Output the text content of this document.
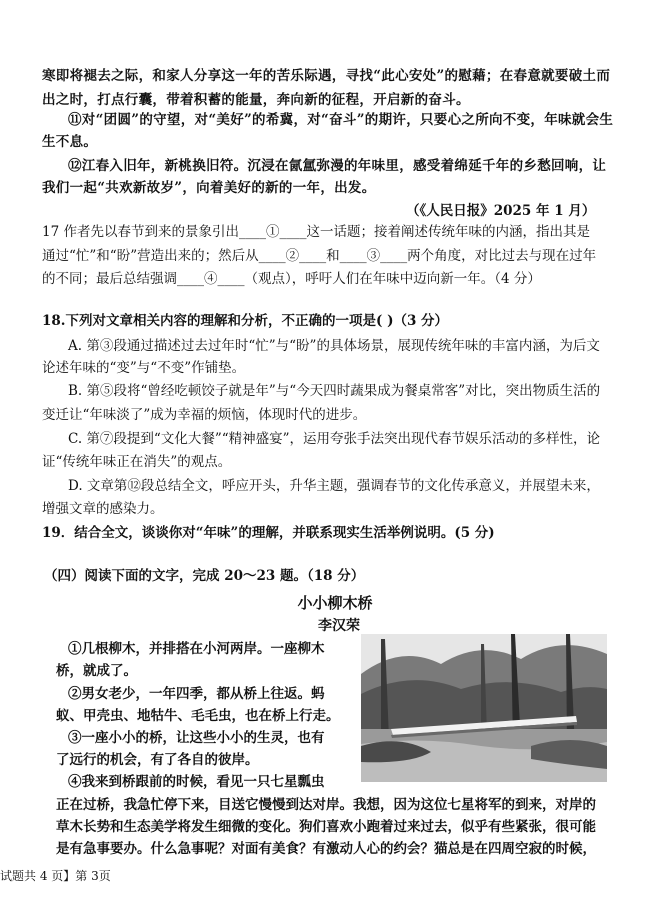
寒即将褪去之际，和家人分享这一年的苦乐际遇，寻找“此心安处”的慰藉；在春意就要破土而
出之时，打点行囊，带着积蓄的能量，奔向新的征程，开启新的奋斗。
⑪对“团圆”的守望，对“美好”的希冀，对“奋斗”的期许，只要心之所向不变，年味就会生
生不息。
⑫江春入旧年，新桃换旧符。沉浸在氤氲弥漫的年味里，感受着绵延千年的乡愁回响，让
我们一起“共欢新故岁”，向着美好的新的一年，出发。
（《人民日报》2025 年 1 月）
17 作者先以春节到来的景象引出____①____这一话题；接着阐述传统年味的内涵，指出其是
通过“忙”和“盼”营造出来的；然后从____②____和____③____两个角度，对比过去与现在过年
的不同；最后总结强调____④____（观点），呼吁人们在年味中迈向新一年。（4 分）
18.下列对文章相关内容的理解和分析，不正确的一项是( )（3 分）
A. 第③段通过描述过去过年时“忙”与“盼”的具体场景，展现传统年味的丰富内涵，为后文
论述年味的“变”与“不变”作铺垫。
B. 第⑤段将“曾经吃顿饺子就是年”与“今天四时蔬果成为餐桌常客”对比，突出物质生活的
变迁让“年味淡了”成为幸福的烦恼，体现时代的进步。
C. 第⑦段提到“文化大餐”“精神盛宴”，运用夸张手法突出现代春节娱乐活动的多样性，论
证“传统年味正在消失”的观点。
D. 文章第⑫段总结全文，呼应开头，升华主题，强调春节的文化传承意义，并展望未来，
增强文章的感染力。
19．结合全文，谈谈你对“年味”的理解，并联系现实生活举例说明。(5 分)
（四）阅读下面的文字，完成 20～23 题。（18 分）
小小柳木桥
李汉荣
①几根柳木，并排搭在小河两岸。一座柳木
桥，就成了。
②男女老少，一年四季，都从桥上往返。蚂
蚁、甲壳虫、地牯牛、毛毛虫，也在桥上行走。
③一座小小的桥，让这些小小的生灵，也有
了远行的机会，有了各自的彼岸。
④我来到桥跟前的时候，看见一只七星瓢虫
正在过桥，我急忙停下来，目送它慢慢到达对岸。我想，因为这位七星将军的到来，对岸的
草木长势和生态美学将发生细微的变化。狗们喜欢小跑着过来过去，似乎有些紧张，很可能
是有急事要办。什么急事呢？对面有美食？有激动人心的约会？猫总是在四周空寂的时候，
试题共 4 页】第 3页
